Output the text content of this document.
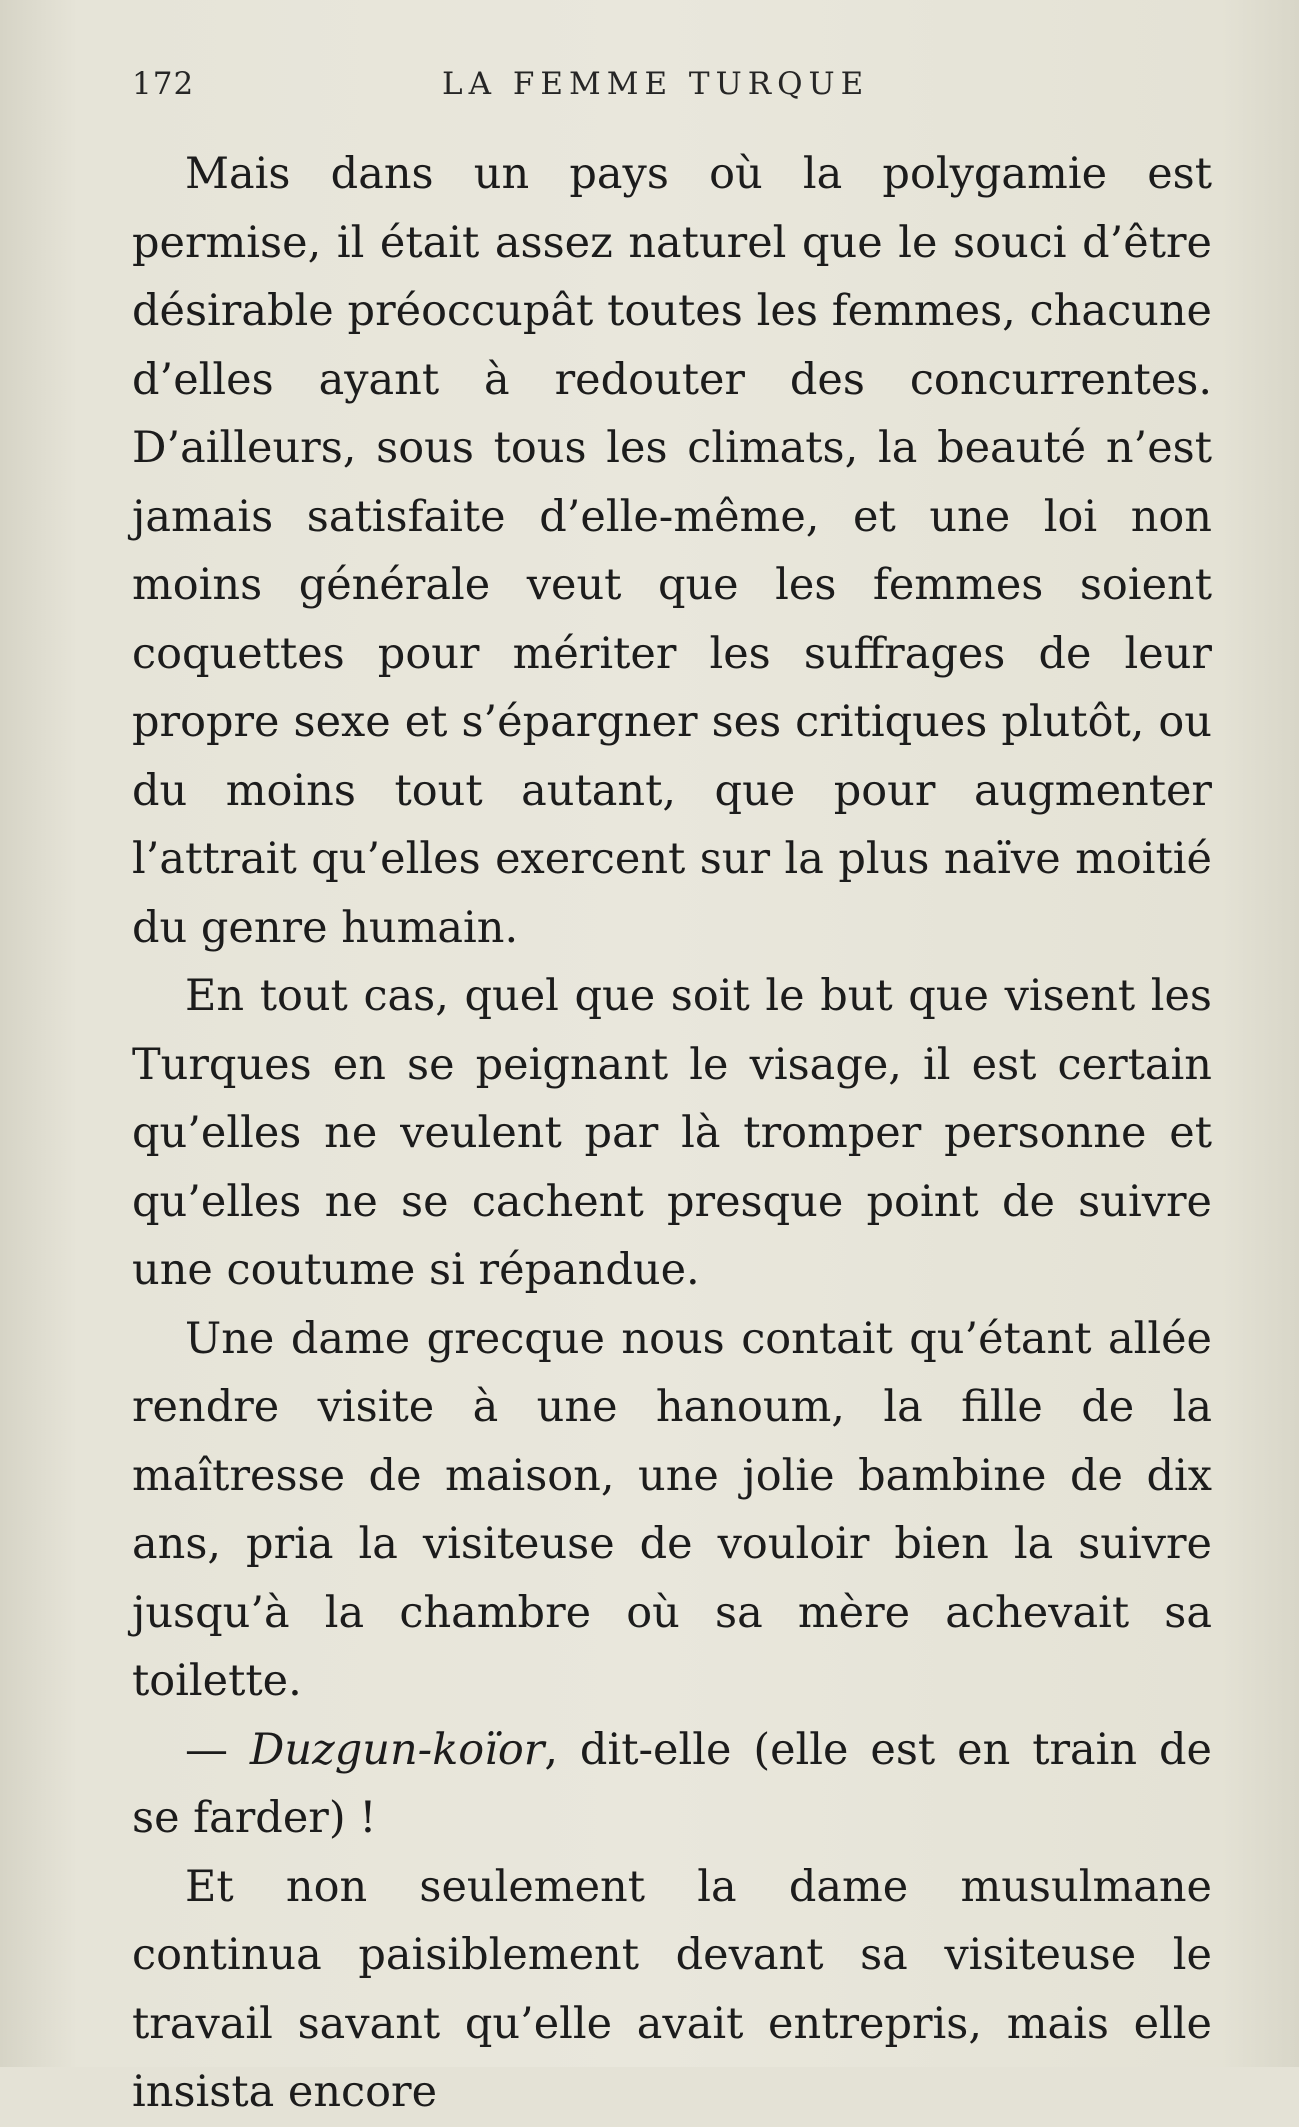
172	LA FEMME TURQUE

Mais dans un pays où la polygamie est permise, il était assez naturel que le souci d’être désirable préoccupât toutes les femmes, chacune d’elles ayant à redouter des concurrentes. D’ailleurs, sous tous les climats, la beauté n’est jamais satisfaite d’elle-même, et une loi non moins générale veut que les femmes soient coquettes pour mériter les suffrages de leur propre sexe et s’épargner ses critiques plutôt, ou du moins tout autant, que pour augmenter l’attrait qu’elles exercent sur la plus naïve moitié du genre humain.

En tout cas, quel que soit le but que visent les Turques en se peignant le visage, il est certain qu’elles ne veulent par là tromper personne et qu’elles ne se cachent presque point de suivre une coutume si répandue.

Une dame grecque nous contait qu’étant allée rendre visite à une hanoum, la fille de la maîtresse de maison, une jolie bambine de dix ans, pria la visiteuse de vouloir bien la suivre jusqu’à la chambre où sa mère achevait sa toilette.

— Duzgun-koïor, dit-elle (elle est en train de se farder) !

Et non seulement la dame musulmane continua paisiblement devant sa visiteuse le travail savant qu’elle avait entrepris, mais elle insista encore
